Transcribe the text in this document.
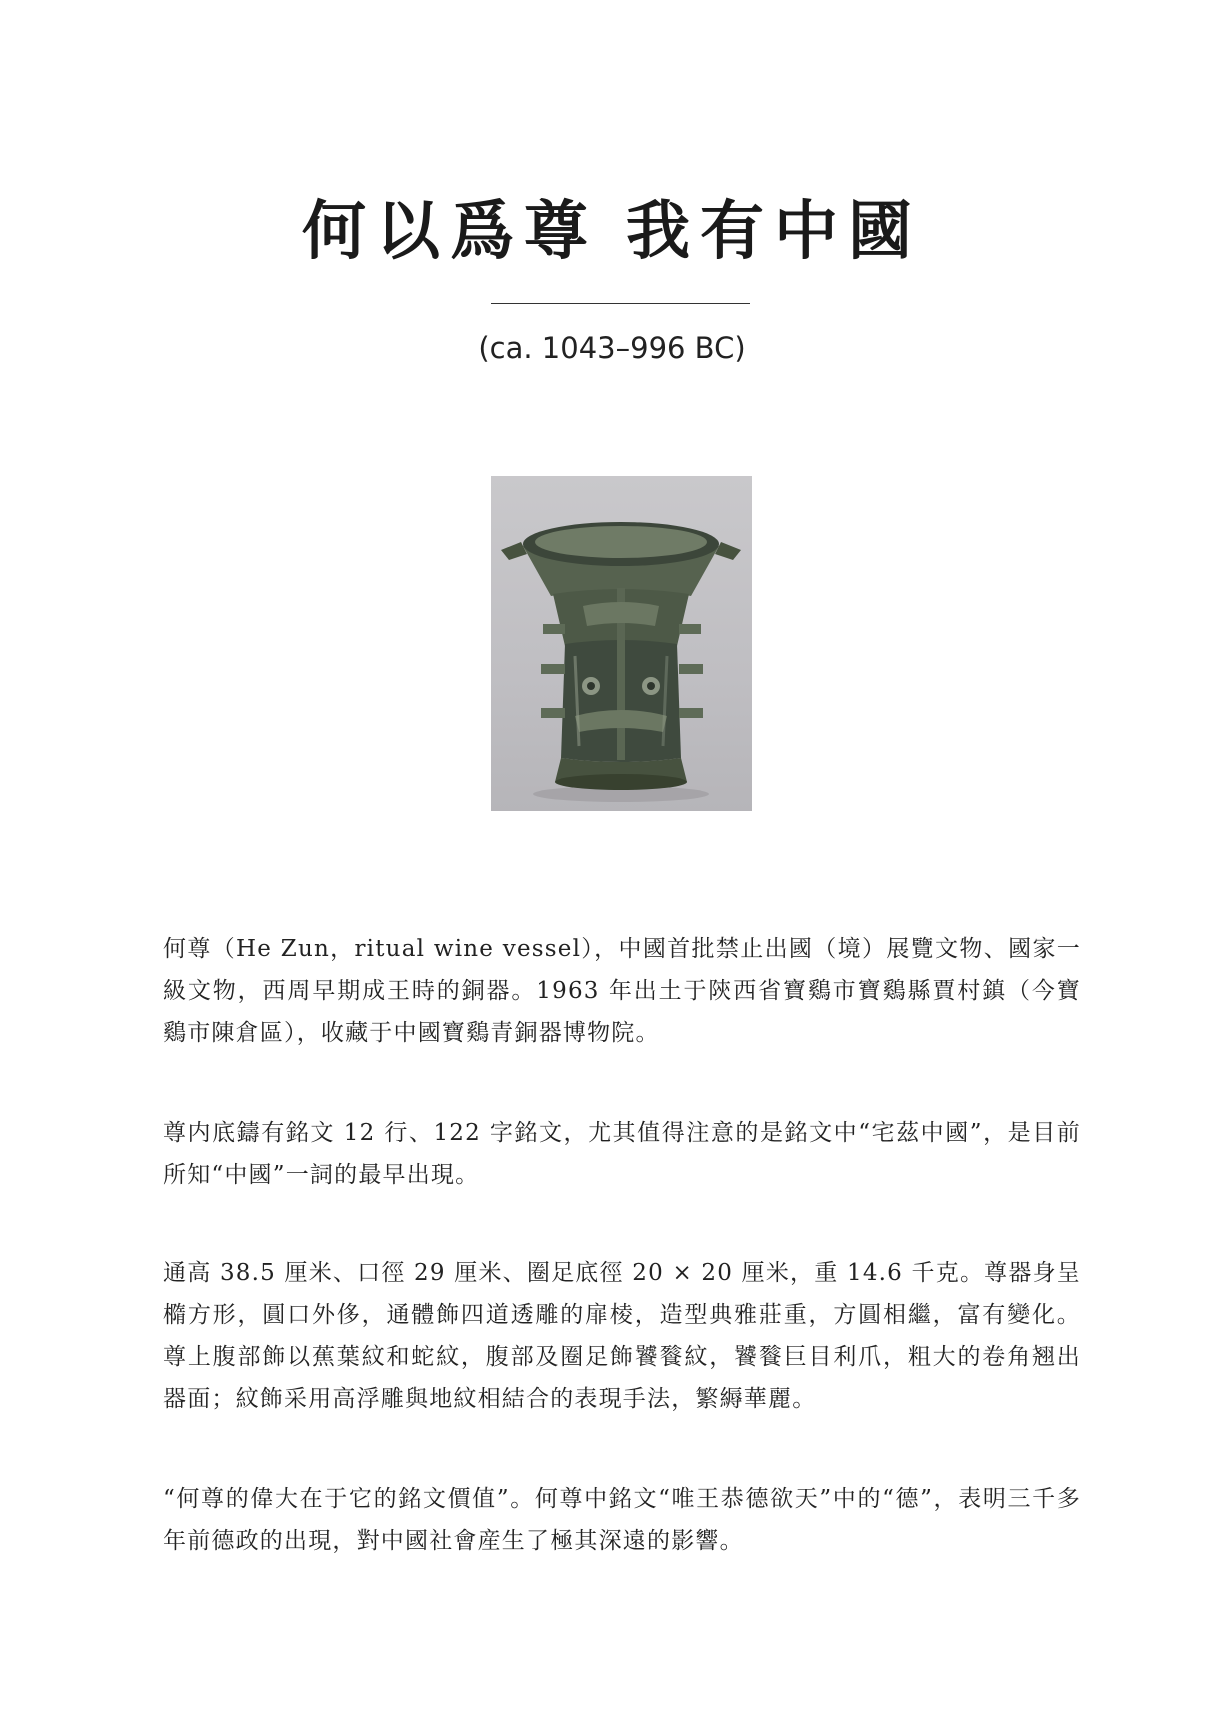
何以爲尊 我有中國
(ca. 1043–996 BC)
何尊（He Zun，ritual wine vessel），中國首批禁止出國（境）展覽文物、國家一級文物，西周早期成王時的銅器。1963 年出土于陝西省寶鷄市寶鷄縣賈村鎮（今寶鷄市陳倉區），收藏于中國寶鷄青銅器博物院。
尊内底鑄有銘文 12 行、122 字銘文，尤其值得注意的是銘文中“宅茲中國”，是目前所知“中國”一詞的最早出現。
通高 38.5 厘米、口徑 29 厘米、圈足底徑 20 × 20 厘米，重 14.6 千克。尊器身呈橢方形，圓口外侈，通體飾四道透雕的扉棱，造型典雅莊重，方圓相繼，富有變化。尊上腹部飾以蕉葉紋和蛇紋，腹部及圈足飾饕餮紋，饕餮巨目利爪，粗大的卷角翘出器面；紋飾采用高浮雕與地紋相結合的表現手法，繁縟華麗。
“何尊的偉大在于它的銘文價值”。何尊中銘文“唯王恭德欲天”中的“德”，表明三千多年前德政的出現，對中國社會産生了極其深遠的影響。
